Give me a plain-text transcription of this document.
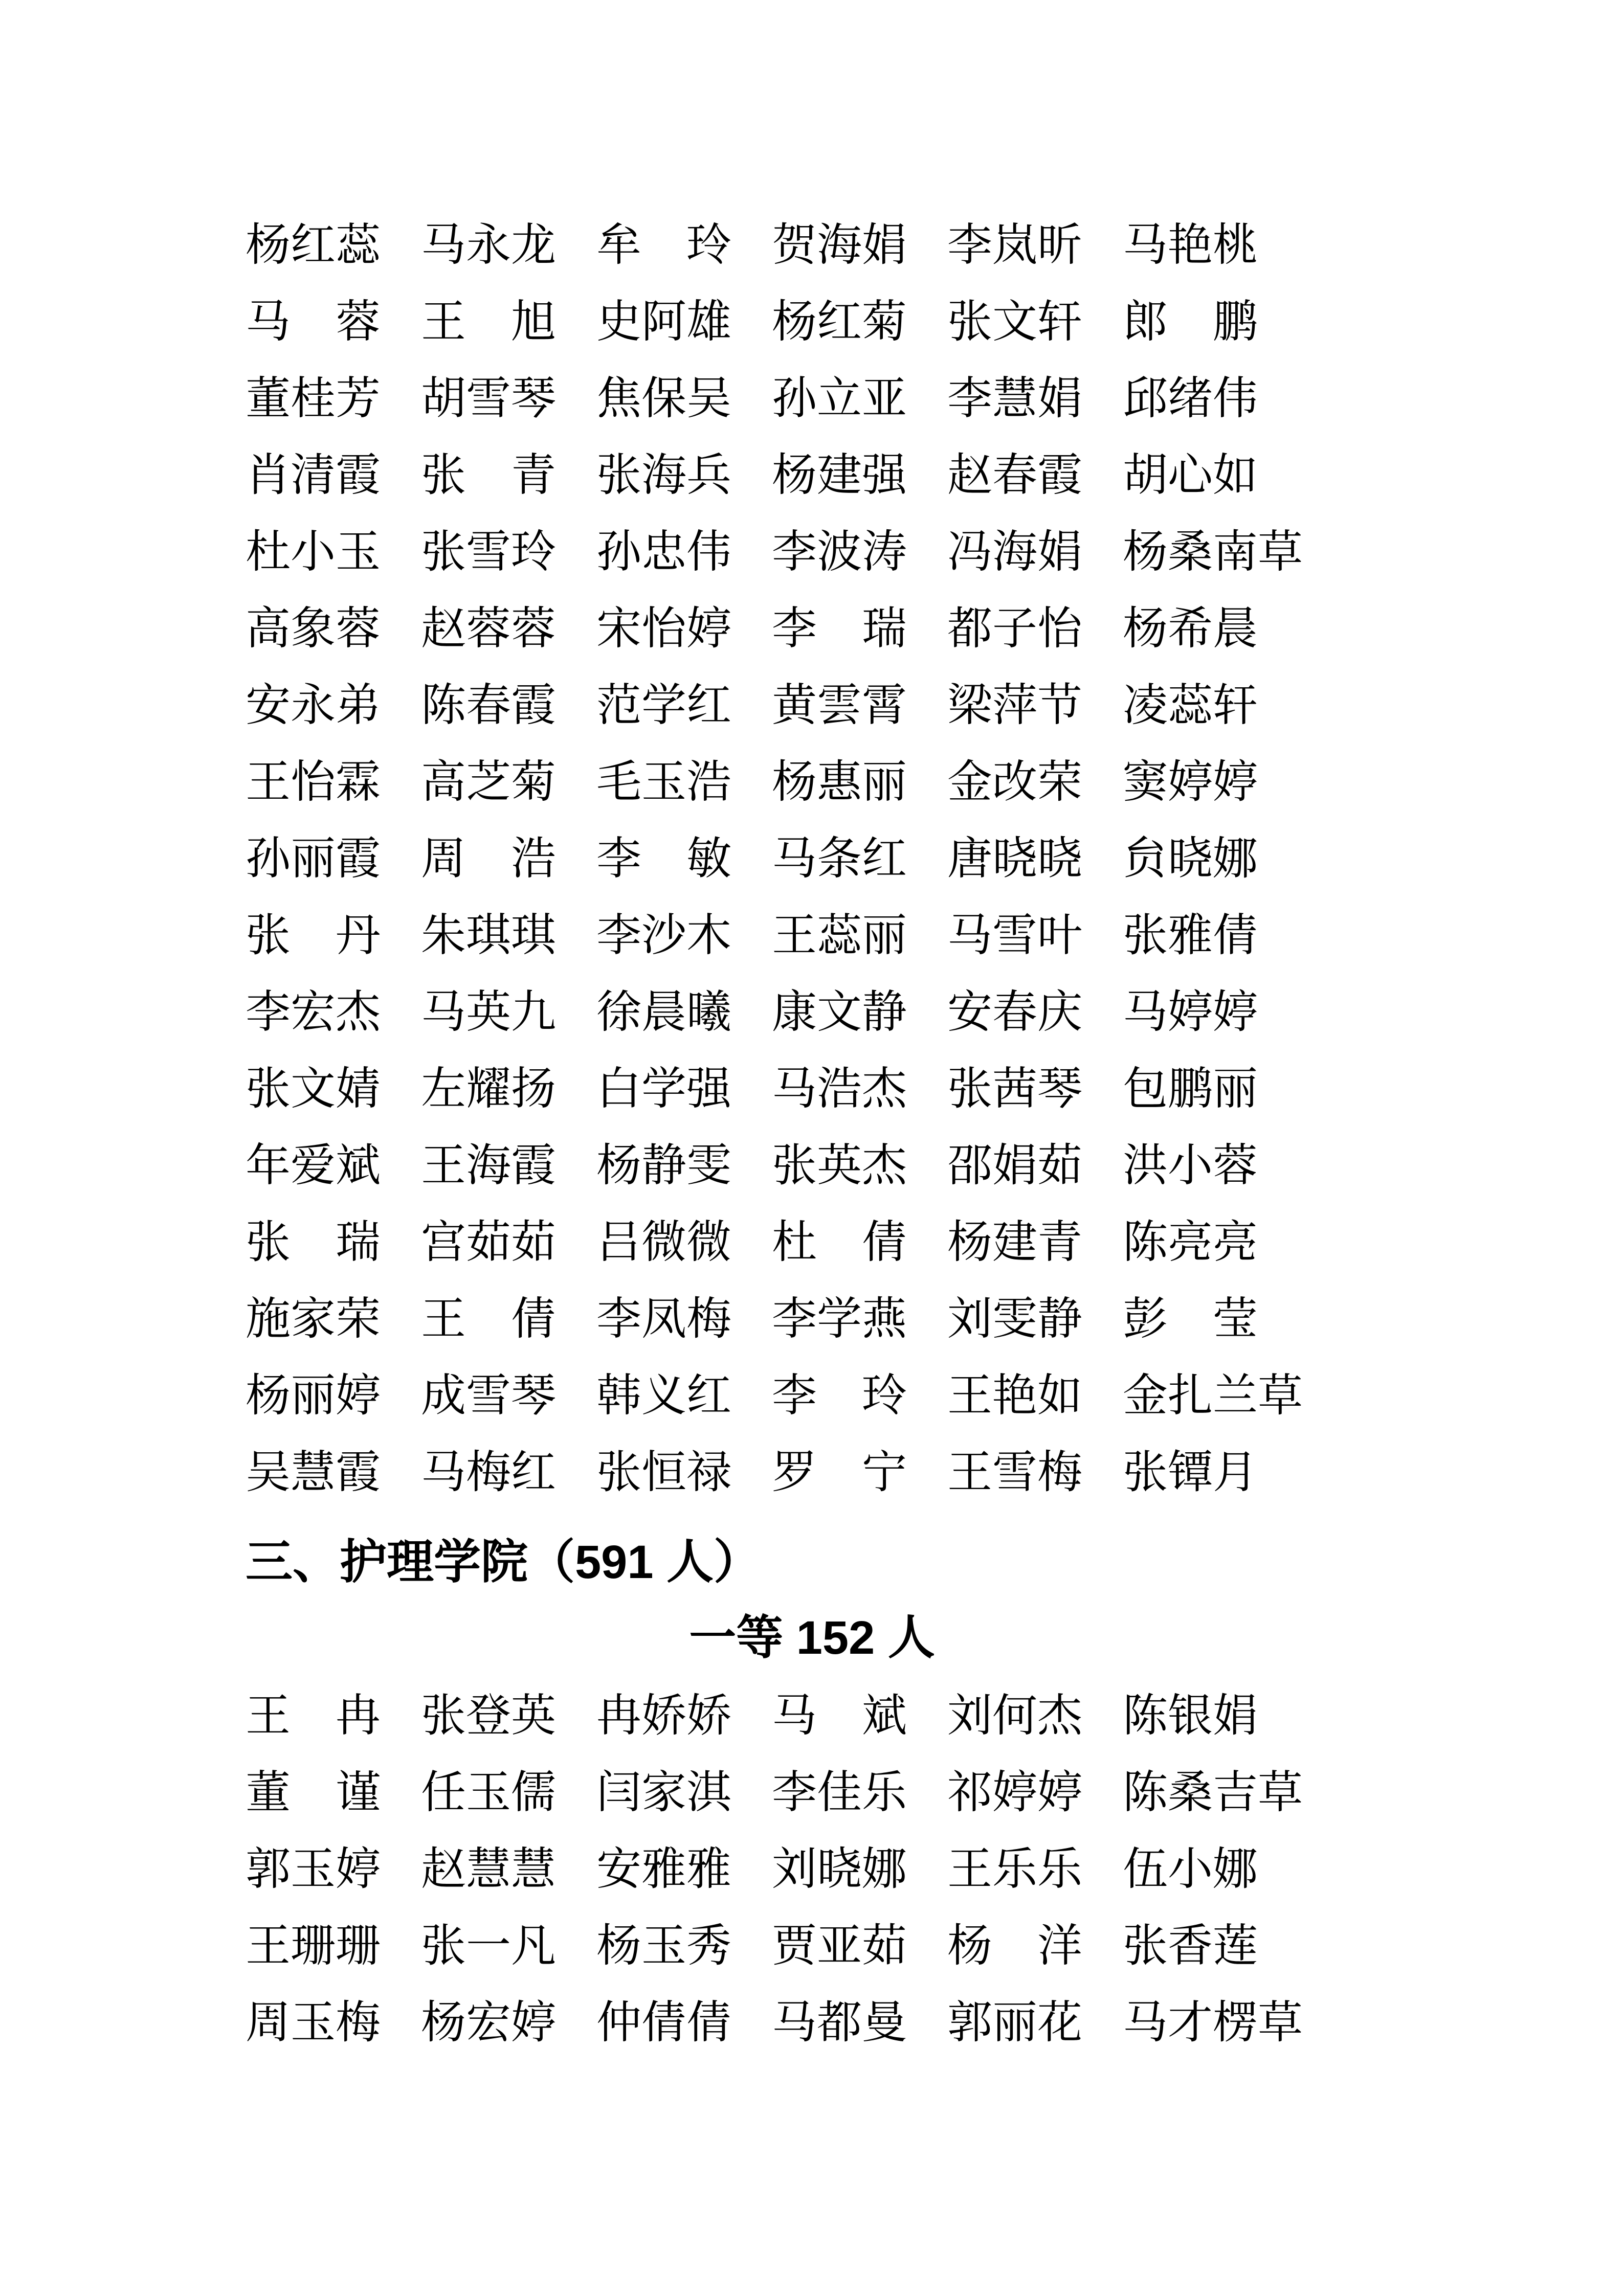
杨红蕊 马永龙 牟 玲 贺海娟 李岚昕 马艳桃
马 蓉 王 旭 史阿雄 杨红菊 张文轩 郎 鹏
董桂芳 胡雪琴 焦保吴 孙立亚 李慧娟 邱绪伟
肖清霞 张 青 张海兵 杨建强 赵春霞 胡心如
杜小玉 张雪玲 孙忠伟 李波涛 冯海娟 杨桑南草
高象蓉 赵蓉蓉 宋怡婷 李 瑞 都子怡 杨希晨
安永弟 陈春霞 范学红 黄雲霄 梁萍节 凌蕊轩
王怡霖 高芝菊 毛玉浩 杨惠丽 金改荣 窦婷婷
孙丽霞 周 浩 李 敏 马条红 唐晓晓 贠晓娜
张 丹 朱琪琪 李沙木 王蕊丽 马雪叶 张雅倩
李宏杰 马英九 徐晨曦 康文静 安春庆 马婷婷
张文婧 左耀扬 白学强 马浩杰 张茜琴 包鹏丽
年爱斌 王海霞 杨静雯 张英杰 邵娟茹 洪小蓉
张 瑞 宫茹茹 吕微微 杜 倩 杨建青 陈亮亮
施家荣 王 倩 李凤梅 李学燕 刘雯静 彭 莹
杨丽婷 成雪琴 韩义红 李 玲 王艳如 金扎兰草
吴慧霞 马梅红 张恒禄 罗 宁 王雪梅 张镡月
三、护理学院（591 人）
一等 152 人
王 冉 张登英 冉娇娇 马 斌 刘何杰 陈银娟
董 谨 任玉儒 闫家淇 李佳乐 祁婷婷 陈桑吉草
郭玉婷 赵慧慧 安雅雅 刘晓娜 王乐乐 伍小娜
王珊珊 张一凡 杨玉秀 贾亚茹 杨 洋 张香莲
周玉梅 杨宏婷 仲倩倩 马都曼 郭丽花 马才楞草
